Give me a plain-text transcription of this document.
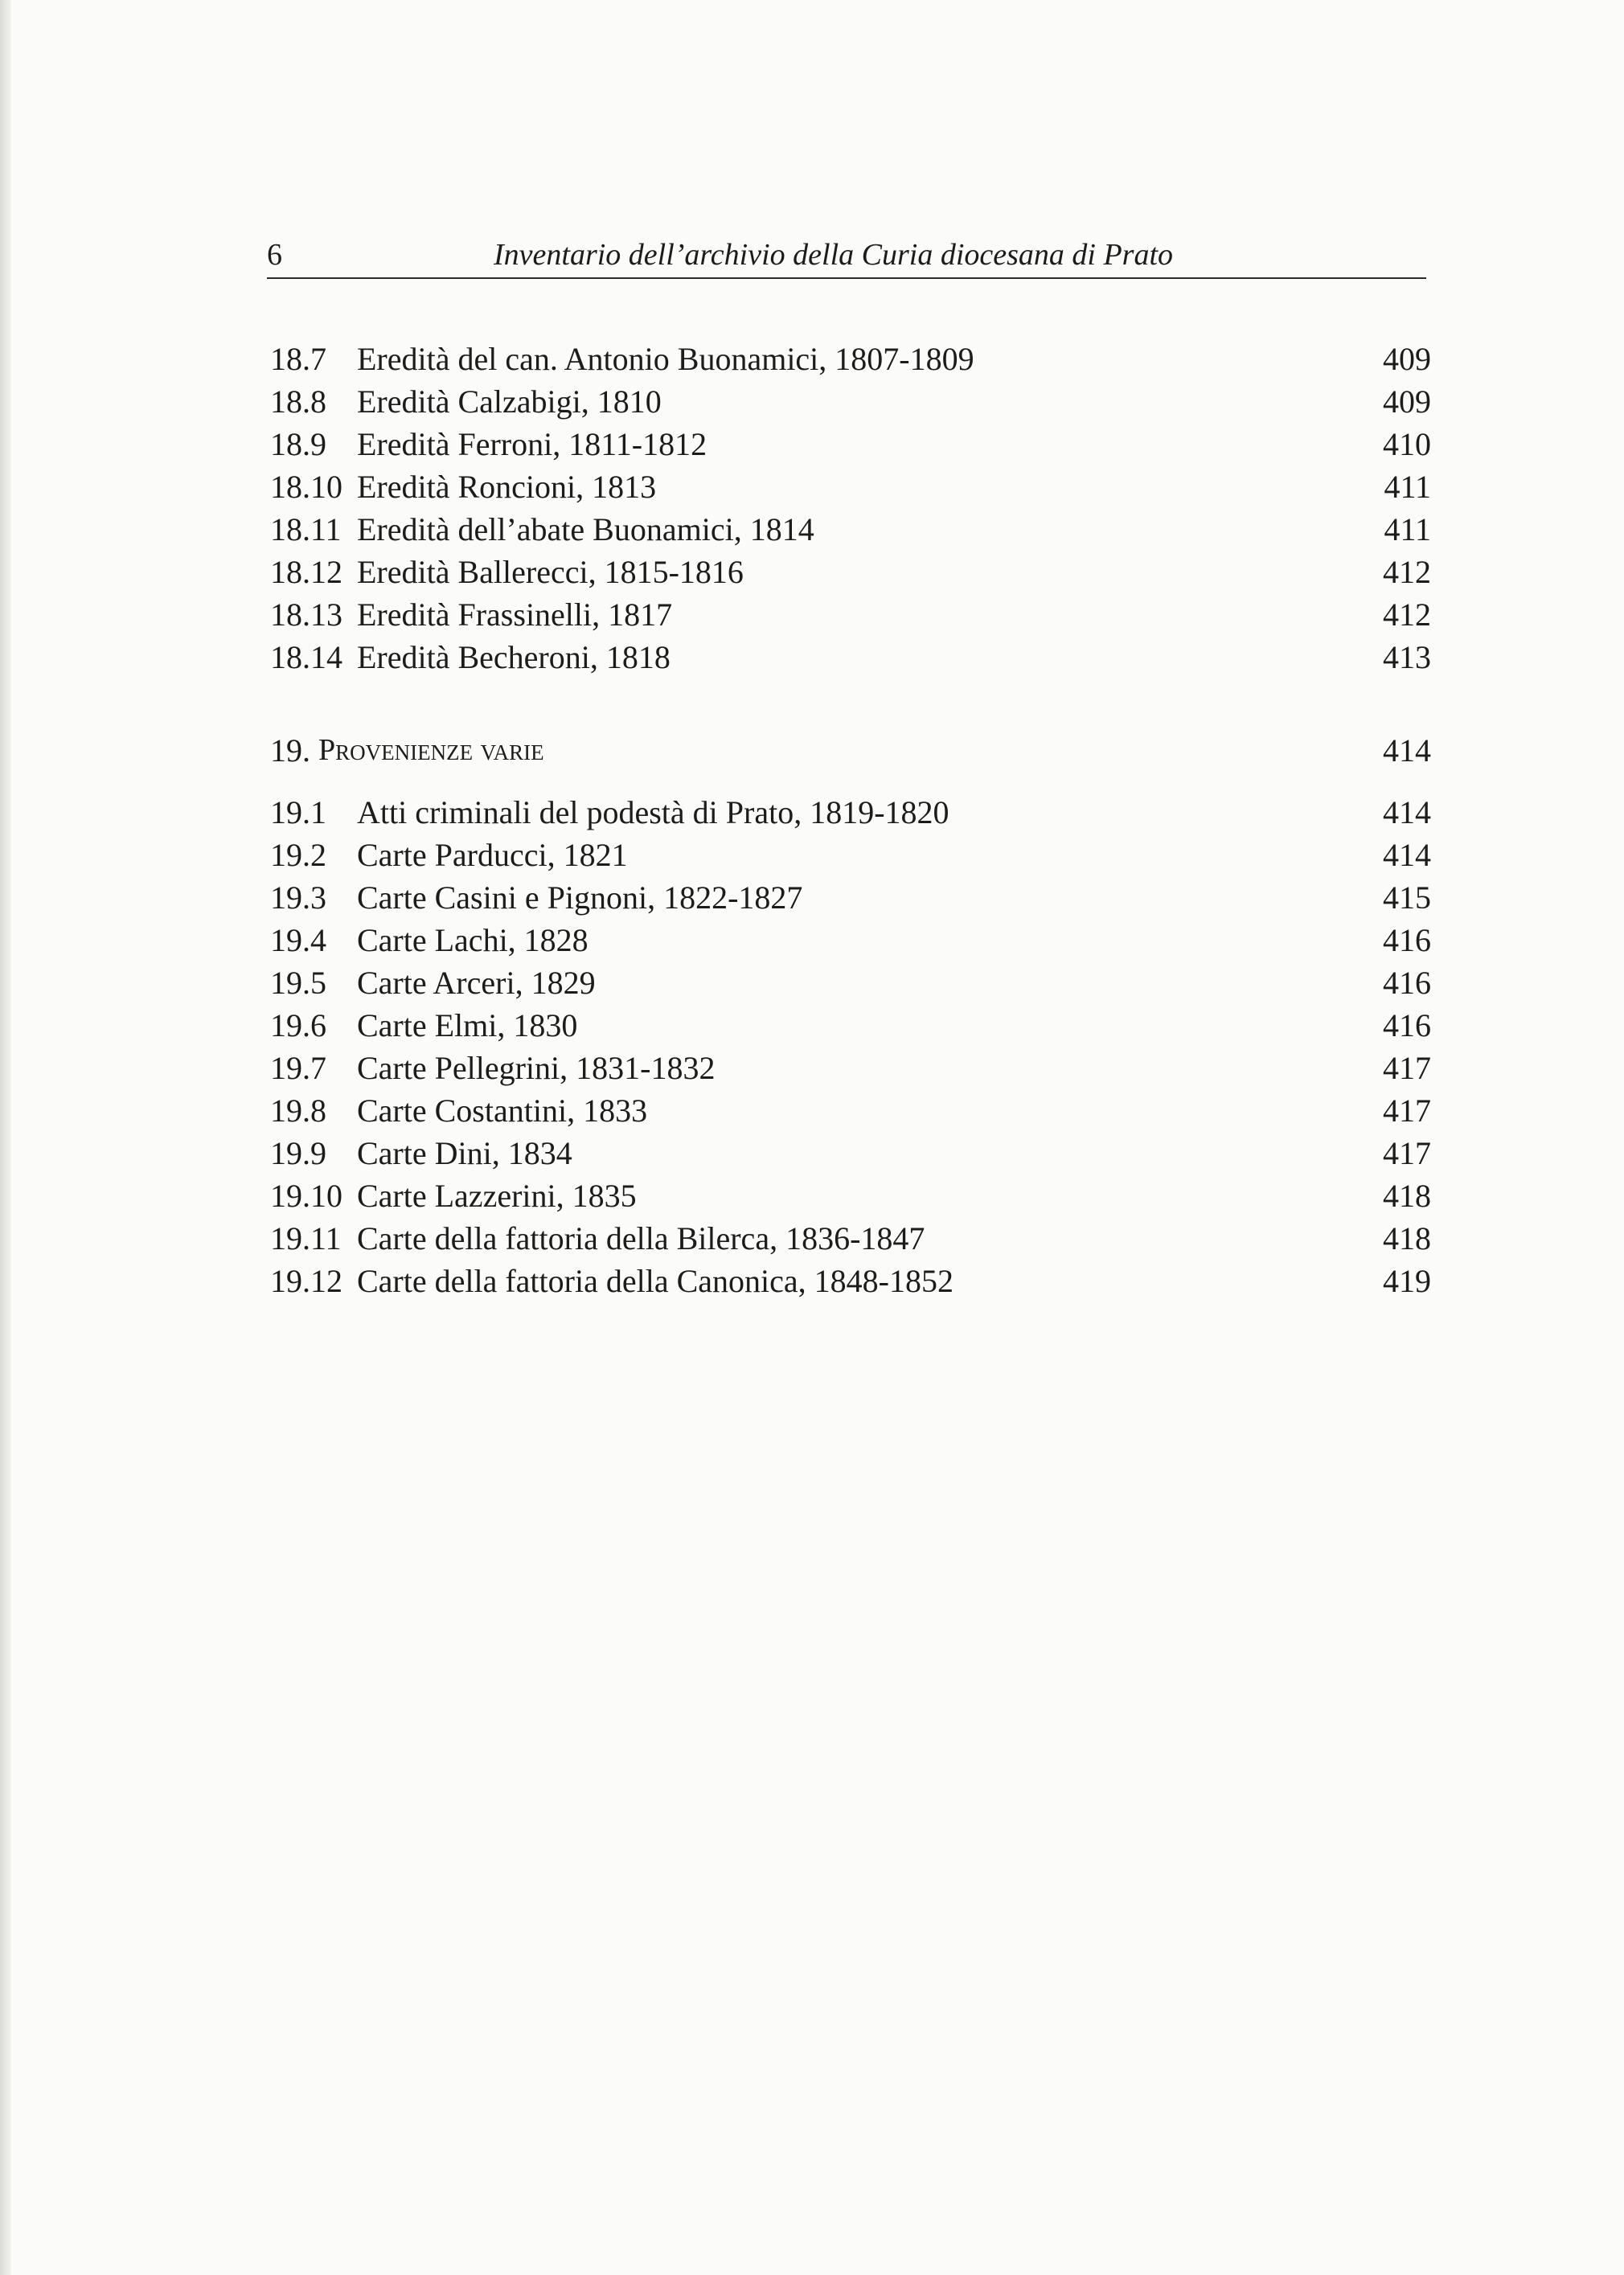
6	Inventario dell’archivio della Curia diocesana di Prato
18.7 Eredità del can. Antonio Buonamici, 1807-1809	409
18.8 Eredità Calzabigi, 1810	409
18.9 Eredità Ferroni, 1811-1812	410
18.10 Eredità Roncioni, 1813	411
18.11 Eredità dell’abate Buonamici, 1814	411
18.12 Eredità Ballerecci, 1815-1816	412
18.13 Eredità Frassinelli, 1817	412
18.14 Eredità Becheroni, 1818	413
19. Provenienze varie	414
19.1 Atti criminali del podestà di Prato, 1819-1820	414
19.2 Carte Parducci, 1821	414
19.3 Carte Casini e Pignoni, 1822-1827	415
19.4 Carte Lachi, 1828	416
19.5 Carte Arceri, 1829	416
19.6 Carte Elmi, 1830	416
19.7 Carte Pellegrini, 1831-1832	417
19.8 Carte Costantini, 1833	417
19.9 Carte Dini, 1834	417
19.10 Carte Lazzerini, 1835	418
19.11 Carte della fattoria della Bilerca, 1836-1847	418
19.12 Carte della fattoria della Canonica, 1848-1852	419
